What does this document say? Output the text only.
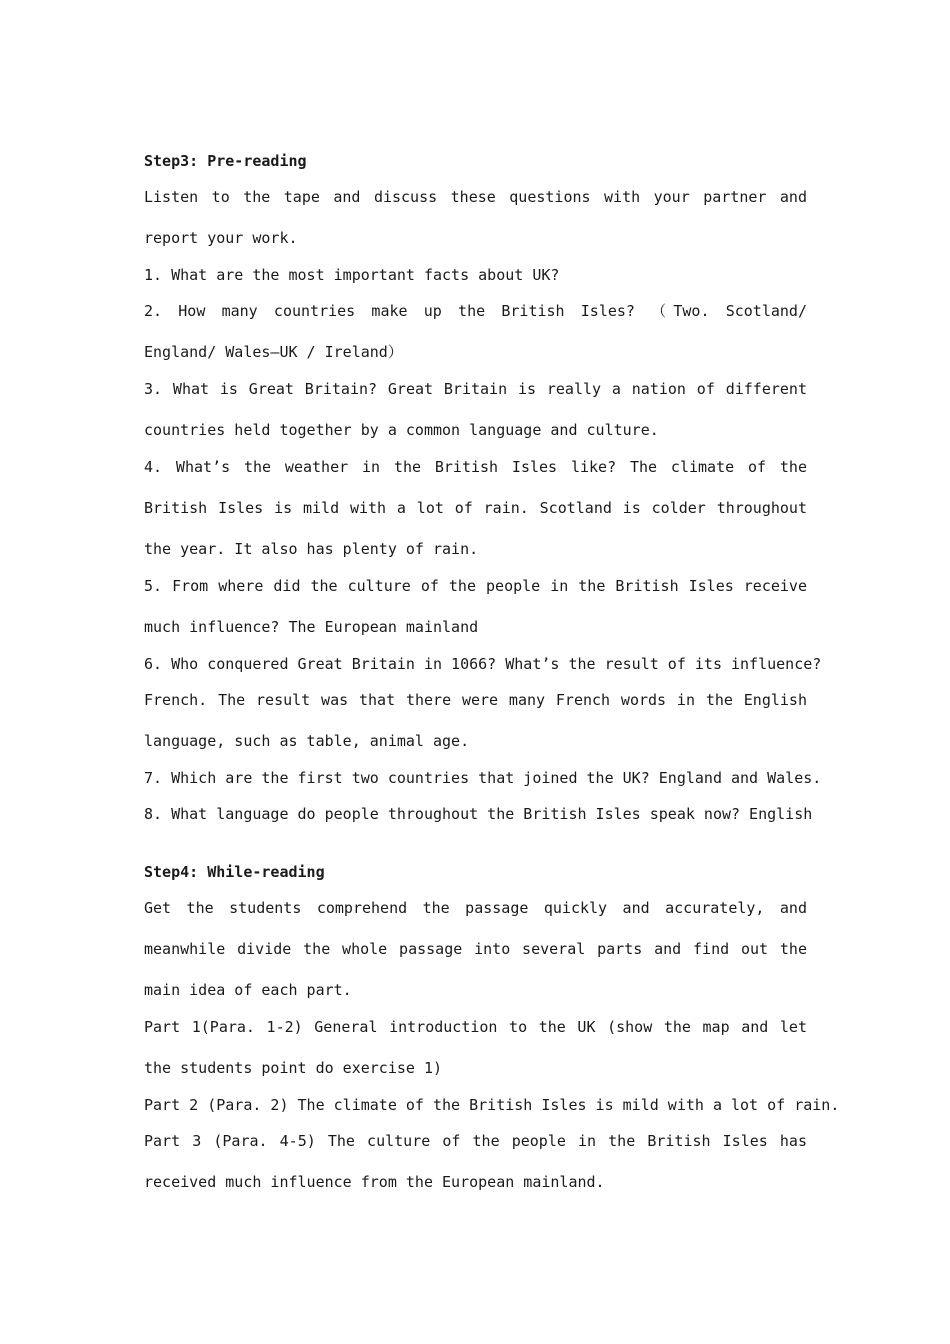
Step3: Pre-reading
Listen to the tape and discuss these questions with your partner and report your work.
1. What are the most important facts about UK?
2. How many countries make up the British Isles? （Two. Scotland/ England/ Wales—UK / Ireland）
3. What is Great Britain? Great Britain is really a nation of different countries held together by a common language and culture.
4. What’s the weather in the British Isles like? The climate of the British Isles is mild with a lot of rain. Scotland is colder throughout the year. It also has plenty of rain.
5. From where did the culture of the people in the British Isles receive much influence? The European mainland
6. Who conquered Great Britain in 1066? What’s the result of its influence?
French. The result was that there were many French words in the English language, such as table, animal age.
7. Which are the first two countries that joined the UK? England and Wales.
8. What language do people throughout the British Isles speak now? English
Step4: While-reading
Get the students comprehend the passage quickly and accurately, and meanwhile divide the whole passage into several parts and find out the main idea of each part.
Part 1(Para. 1-2) General introduction to the UK (show the map and let the students point do exercise 1)
Part 2 (Para. 2) The climate of the British Isles is mild with a lot of rain.
Part 3 (Para. 4-5) The culture of the people in the British Isles has received much influence from the European mainland.
